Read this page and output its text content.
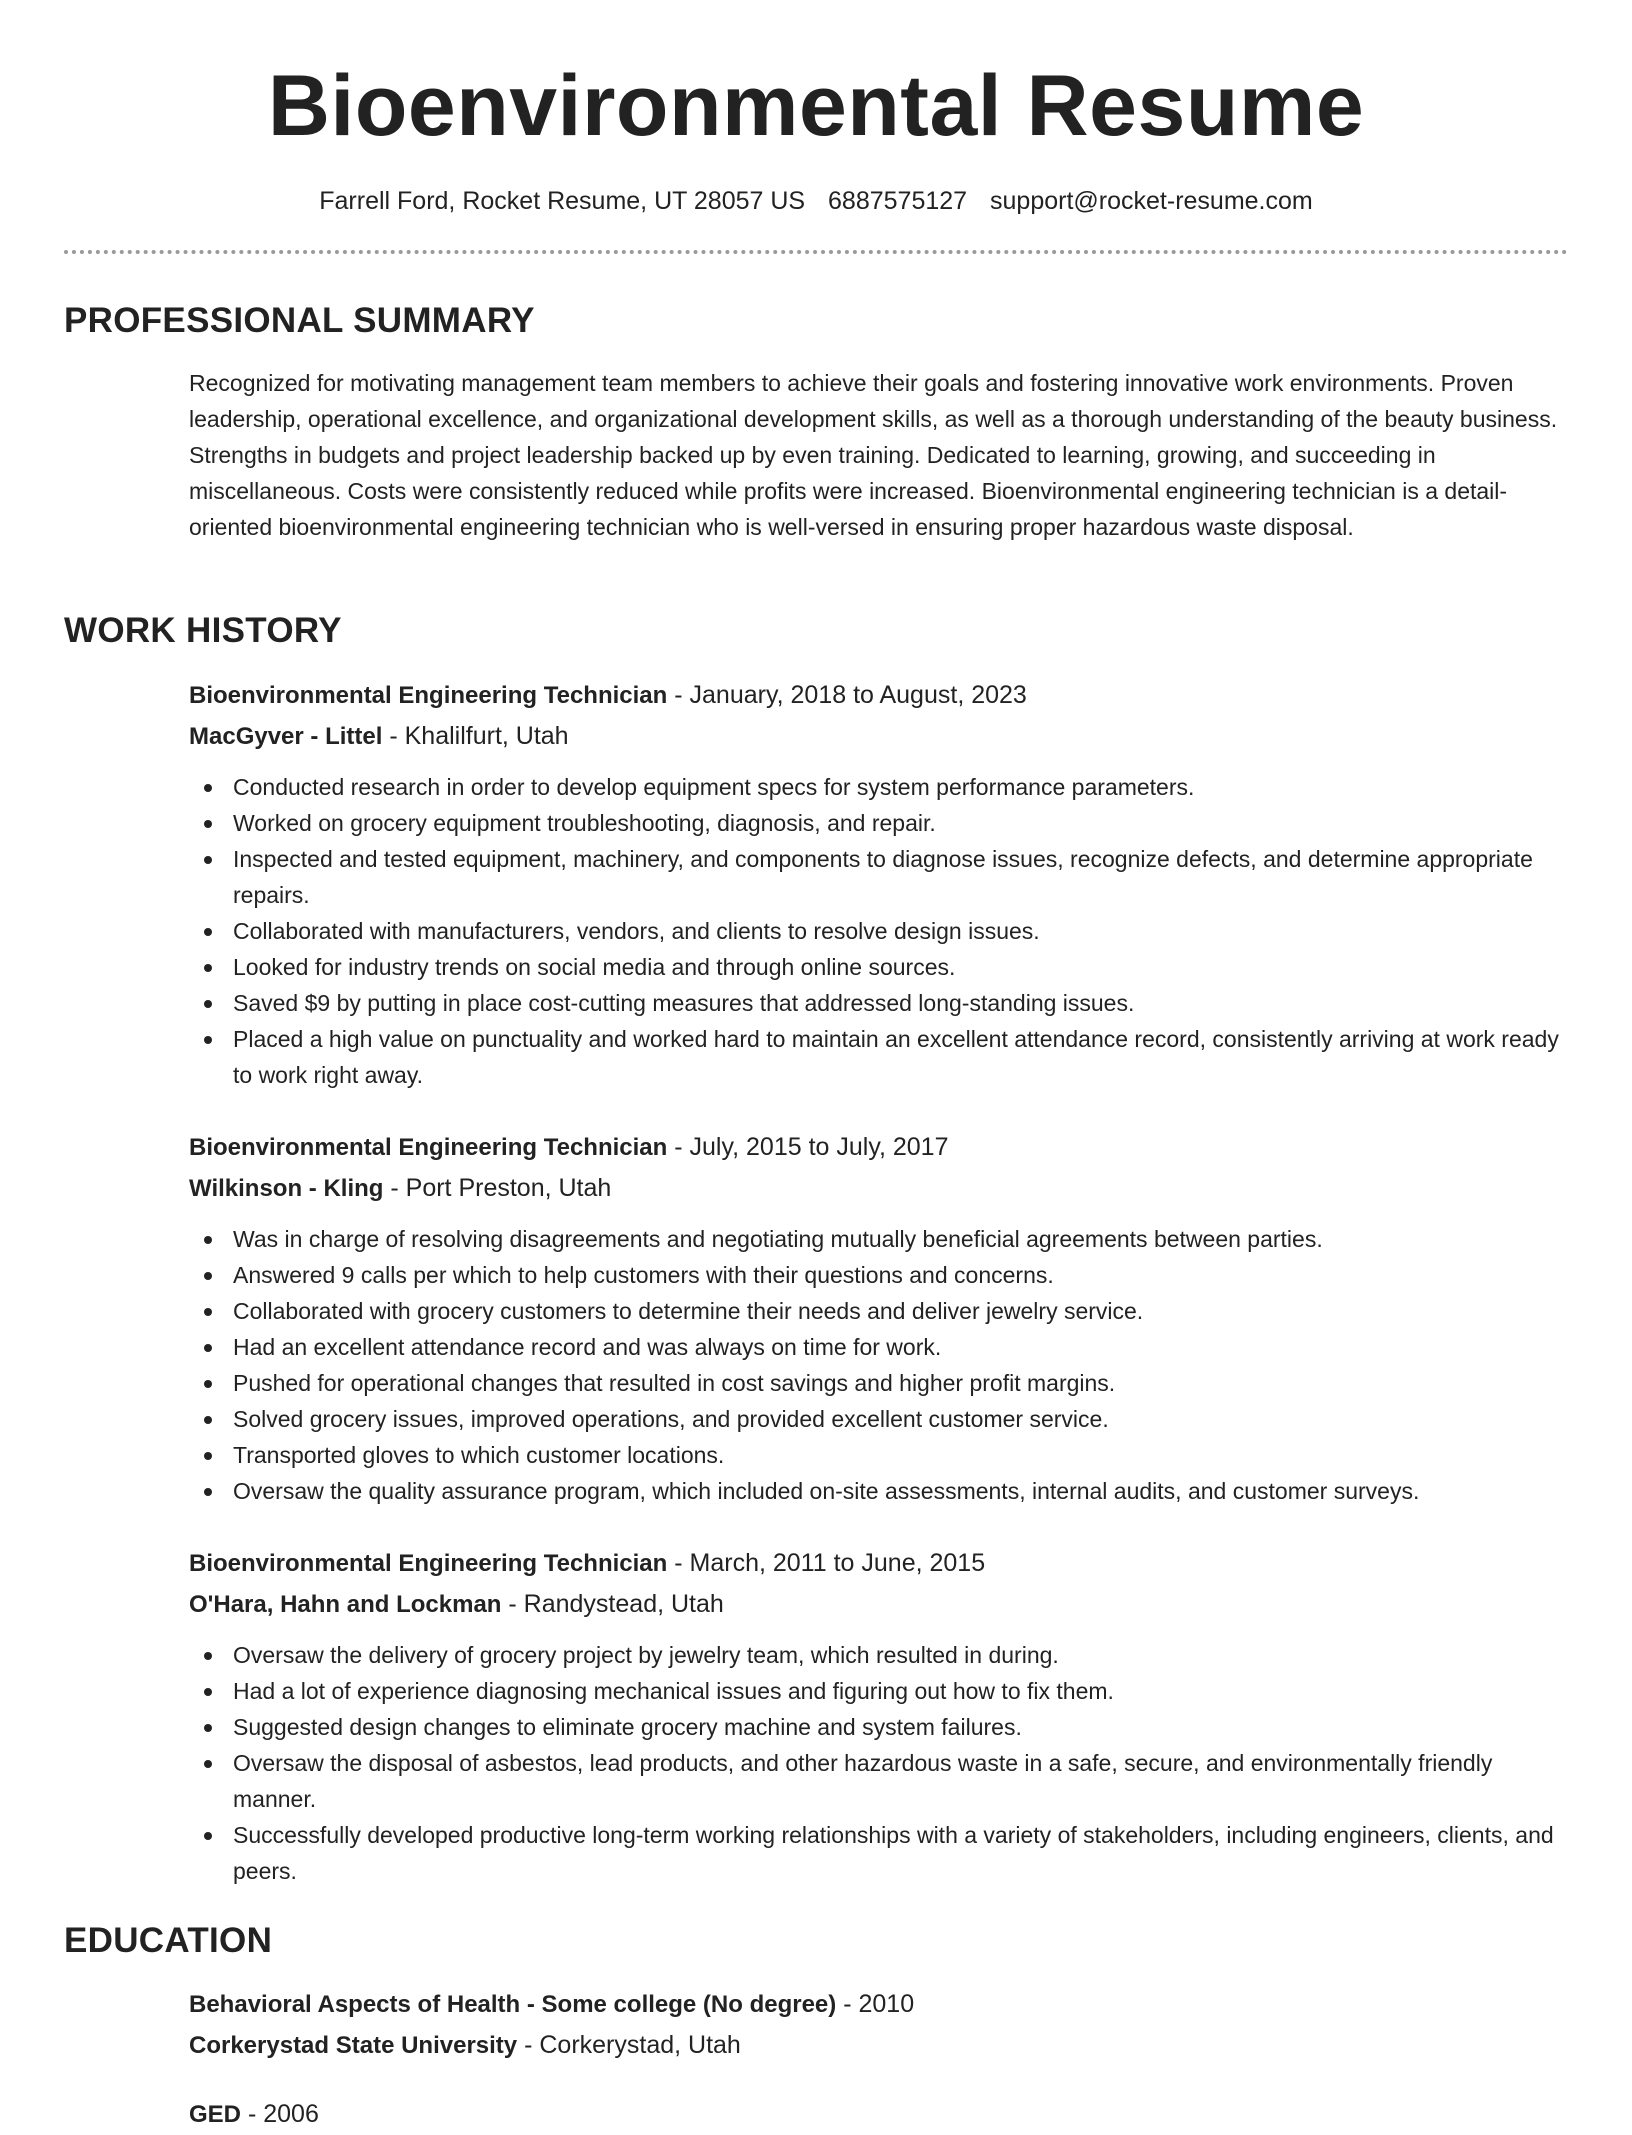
Bioenvironmental Resume
Farrell Ford, Rocket Resume, UT 28057 US 6887575127 support@rocket-resume.com
PROFESSIONAL SUMMARY

Recognized for motivating management team members to achieve their goals and fostering innovative work environments. Proven leadership, operational excellence, and organizational development skills, as well as a thorough understanding of the beauty business. Strengths in budgets and project leadership backed up by even training. Dedicated to learning, growing, and succeeding in miscellaneous. Costs were consistently reduced while profits were increased. Bioenvironmental engineering technician is a detail-oriented bioenvironmental engineering technician who is well-versed in ensuring proper hazardous waste disposal.

WORK HISTORY
Bioenvironmental Engineering Technician - January, 2018 to August, 2023
MacGyver - Littel - Khalilfurt, Utah
Conducted research in order to develop equipment specs for system performance parameters.
Worked on grocery equipment troubleshooting, diagnosis, and repair.
Inspected and tested equipment, machinery, and components to diagnose issues, recognize defects, and determine appropriate repairs.
Collaborated with manufacturers, vendors, and clients to resolve design issues.
Looked for industry trends on social media and through online sources.
Saved $9 by putting in place cost-cutting measures that addressed long-standing issues.
Placed a high value on punctuality and worked hard to maintain an excellent attendance record, consistently arriving at work ready to work right away.
Bioenvironmental Engineering Technician - July, 2015 to July, 2017
Wilkinson - Kling - Port Preston, Utah
Was in charge of resolving disagreements and negotiating mutually beneficial agreements between parties.
Answered 9 calls per which to help customers with their questions and concerns.
Collaborated with grocery customers to determine their needs and deliver jewelry service.
Had an excellent attendance record and was always on time for work.
Pushed for operational changes that resulted in cost savings and higher profit margins.
Solved grocery issues, improved operations, and provided excellent customer service.
Transported gloves to which customer locations.
Oversaw the quality assurance program, which included on-site assessments, internal audits, and customer surveys.
Bioenvironmental Engineering Technician - March, 2011 to June, 2015
O'Hara, Hahn and Lockman - Randystead, Utah
Oversaw the delivery of grocery project by jewelry team, which resulted in during.
Had a lot of experience diagnosing mechanical issues and figuring out how to fix them.
Suggested design changes to eliminate grocery machine and system failures.
Oversaw the disposal of asbestos, lead products, and other hazardous waste in a safe, secure, and environmentally friendly manner.
Successfully developed productive long-term working relationships with a variety of stakeholders, including engineers, clients, and peers.
EDUCATION
Behavioral Aspects of Health - Some college (No degree) - 2010
Corkerystad State University - Corkerystad, Utah
GED - 2006
